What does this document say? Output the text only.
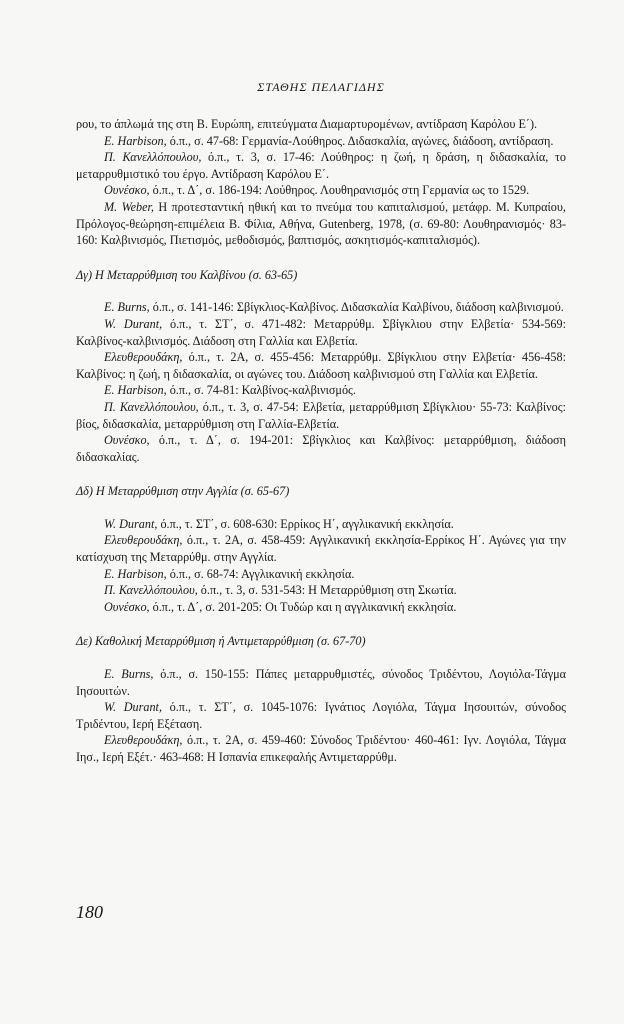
ΣΤΑΘΗΣ ΠΕΛΑΓΙΔΗΣ

ρου, το άπλωμά της στη Β. Ευρώπη, επιτεύγματα Διαμαρτυρομένων, αντίδραση Καρόλου Ε΄).

Ε. Harbison, ό.π., σ. 47-68: Γερμανία-Λούθηρος. Διδασκαλία, αγώνες, διάδοση, αντίδραση.

Π. Κανελλόπουλου, ό.π., τ. 3, σ. 17-46: Λούθηρος: η ζωή, η δράση, η διδασκαλία, το μεταρρυθμιστικό του έργο. Αντίδραση Καρόλου Ε΄.

Ουνέσκο, ό.π., τ. Δ΄, σ. 186-194: Λούθηρος. Λουθηρανισμός στη Γερμανία ως το 1529.

Μ. Weber, Η προτεσταντική ηθική και το πνεύμα του καπιταλισμού, μετάφρ. Μ. Κυπραίου, Πρόλογος-θεώρηση-επιμέλεια Β. Φίλια, Αθήνα, Gutenberg, 1978, (σ. 69-80: Λουθηρανισμός· 83-160: Καλβινισμός, Πιετισμός, μεθοδισμός, βαπτισμός, ασκητισμός-καπιταλισμός).

Δγ) Η Μεταρρύθμιση του Καλβίνου (σ. 63-65)

Ε. Burns, ό.π., σ. 141-146: Σβίγκλιος-Καλβίνος. Διδασκαλία Καλβίνου, διάδοση καλβινισμού.

W. Durant, ό.π., τ. ΣΤ΄, σ. 471-482: Μεταρρύθμ. Σβίγκλιου στην Ελβετία· 534-569: Καλβίνος-καλβινισμός. Διάδοση στη Γαλλία και Ελβετία.

Ελευθερουδάκη, ό.π., τ. 2Α, σ. 455-456: Μεταρρύθμ. Σβίγκλιου στην Ελβετία· 456-458: Καλβίνος: η ζωή, η διδασκαλία, οι αγώνες του. Διάδοση καλβινισμού στη Γαλλία και Ελβετία.

Ε. Harbison, ό.π., σ. 74-81: Καλβίνος-καλβινισμός.

Π. Κανελλόπουλου, ό.π., τ. 3, σ. 47-54: Ελβετία, μεταρρύθμιση Σβίγκλιου· 55-73: Καλβίνος: βίος, διδασκαλία, μεταρρύθμιση στη Γαλλία-Ελβετία.

Ουνέσκο, ό.π., τ. Δ΄, σ. 194-201: Σβίγκλιος και Καλβίνος: μεταρρύθμιση, διάδοση διδασκαλίας.

Δδ) Η Μεταρρύθμιση στην Αγγλία (σ. 65-67)

W. Durant, ό.π., τ. ΣΤ΄, σ. 608-630: Ερρίκος Η΄, αγγλικανική εκκλησία.

Ελευθερουδάκη, ό.π., τ. 2Α, σ. 458-459: Αγγλικανική εκκλησία-Ερρίκος Η΄. Αγώνες για την κατίσχυση της Μεταρρύθμ. στην Αγγλία.

Ε. Harbison, ό.π., σ. 68-74: Αγγλικανική εκκλησία.

Π. Κανελλόπουλου, ό.π., τ. 3, σ. 531-543: Η Μεταρρύθμιση στη Σκωτία.

Ουνέσκο, ό.π., τ. Δ΄, σ. 201-205: Οι Τυδώρ και η αγγλικανική εκκλησία.

Δε) Καθολική Μεταρρύθμιση ή Αντιμεταρρύθμιση (σ. 67-70)

Ε. Burns, ό.π., σ. 150-155: Πάπες μεταρρυθμιστές, σύνοδος Τριδέντου, Λογιόλα-Τάγμα Ιησουιτών.

W. Durant, ό.π., τ. ΣΤ΄, σ. 1045-1076: Ιγνάτιος Λογιόλα, Τάγμα Ιησουιτών, σύνοδος Τριδέντου, Ιερή Εξέταση.

Ελευθερουδάκη, ό.π., τ. 2Α, σ. 459-460: Σύνοδος Τριδέντου· 460-461: Ιγν. Λογιόλα, Τάγμα Ιησ., Ιερή Εξέτ.· 463-468: Η Ισπανία επικεφαλής Αντιμεταρρύθμ.

180
